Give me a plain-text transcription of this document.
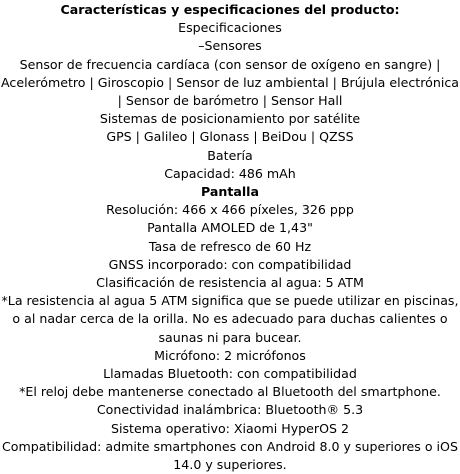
Características y especificaciones del producto:
Especificaciones
–Sensores
Sensor de frecuencia cardíaca (con sensor de oxígeno en sangre) | Acelerómetro | Giroscopio | Sensor de luz ambiental | Brújula electrónica | Sensor de barómetro | Sensor Hall
Sistemas de posicionamiento por satélite
GPS | Galileo | Glonass | BeiDou | QZSS
Batería
Capacidad: 486 mAh
Pantalla
Resolución: 466 x 466 píxeles, 326 ppp
Pantalla AMOLED de 1,43"
Tasa de refresco de 60 Hz
GNSS incorporado: con compatibilidad
Clasificación de resistencia al agua: 5 ATM
*La resistencia al agua 5 ATM significa que se puede utilizar en piscinas, o al nadar cerca de la orilla. No es adecuado para duchas calientes o saunas ni para bucear.
Micrófono: 2 micrófonos
Llamadas Bluetooth: con compatibilidad
*El reloj debe mantenerse conectado al Bluetooth del smartphone.
Conectividad inalámbrica: Bluetooth® 5.3
Sistema operativo: Xiaomi HyperOS 2
Compatibilidad: admite smartphones con Android 8.0 y superiores o iOS 14.0 y superiores.
